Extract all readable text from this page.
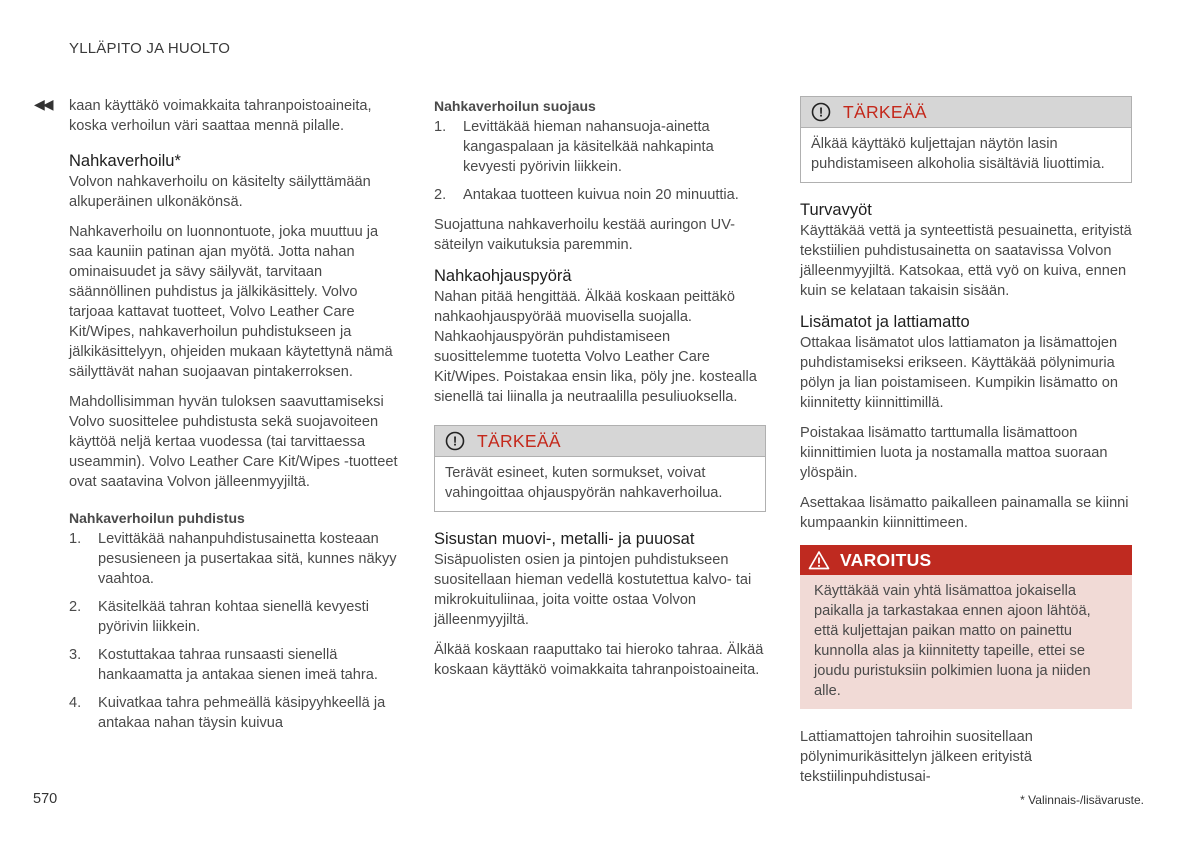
YLLÄPITO JA HUOLTO
◀◀ kaan käyttäkö voimakkaita tahranpoistoaineita, koska verhoilun väri saattaa mennä pilalle.

Nahkaverhoilu*

Volvon nahkaverhoilu on käsitelty säilyttämään alkuperäinen ulkonäkönsä.

Nahkaverhoilu on luonnontuote, joka muuttuu ja saa kauniin patinan ajan myötä. Jotta nahan ominaisuudet ja sävy säilyvät, tarvitaan säännöllinen puhdistus ja jälkikäsittely. Volvo tarjoaa kattavat tuotteet, Volvo Leather Care Kit/Wipes, nahkaverhoilun puhdistukseen ja jälkikäsittelyyn, ohjeiden mukaan käytettynä nämä säilyttävät nahan suojaavan pintakerroksen.

Mahdollisimman hyvän tuloksen saavuttamiseksi Volvo suosittelee puhdistusta sekä suojavoiteen käyttöä neljä kertaa vuodessa (tai tarvittaessa useammin). Volvo Leather Care Kit/Wipes -tuotteet ovat saatavina Volvon jälleenmyyjiltä.

Nahkaverhoilun puhdistus
1. Levittäkää nahanpuhdistusainetta kosteaan pesusieneen ja pusertakaa sitä, kunnes näkyy vaahtoa.
2. Käsitelkää tahran kohtaa sienellä kevyesti pyörivin liikkein.
3. Kostuttakaa tahraa runsaasti sienellä hankaamatta ja antakaa sienen imeä tahra.
4. Kuivatkaa tahra pehmeällä käsipyyhkeellä ja antakaa nahan täysin kuivua
Nahkaverhoilun suojaus
1. Levittäkää hieman nahansuoja-ainetta kangaspalaan ja käsitelkää nahkapinta kevyesti pyörivin liikkein.
2. Antakaa tuotteen kuivua noin 20 minuuttia.

Suojattuna nahkaverhoilu kestää auringon UV-säteilyn vaikutuksia paremmin.

Nahkaohjauspyörä

Nahan pitää hengittää. Älkää koskaan peittäkö nahkaohjauspyörää muovisella suojalla. Nahkaohjauspyörän puhdistamiseen suosittelemme tuotetta Volvo Leather Care Kit/Wipes. Poistakaa ensin lika, pöly jne. kostealla sienellä tai liinalla ja neutraalilla pesuliuoksella.

! TÄRKEÄÄ
Terävät esineet, kuten sormukset, voivat vahingoittaa ohjauspyörän nahkaverhoilua.
Sisustan muovi-, metalli- ja puuosat

Sisäpuolisten osien ja pintojen puhdistukseen suositellaan hieman vedellä kostutettua kalvo- tai mikrokuituliinaa, joita voitte ostaa Volvon jälleenmyyjiltä.

Älkää koskaan raaputtako tai hieroko tahraa. Älkää koskaan käyttäkö voimakkaita tahranpoistoaineita.

! TÄRKEÄÄ
Älkää käyttäkö kuljettajan näytön lasin puhdistamiseen alkoholia sisältäviä liuottimia.
Turvavyöt

Käyttäkää vettä ja synteettistä pesuainetta, erityistä tekstiilien puhdistusainetta on saatavissa Volvon jälleenmyyjiltä. Katsokaa, että vyö on kuiva, ennen kuin se kelataan takaisin sisään.

Lisämatot ja lattiamatto

Ottakaa lisämatot ulos lattiamaton ja lisämattojen puhdistamiseksi erikseen. Käyttäkää pölynimuria pölyn ja lian poistamiseen. Kumpikin lisämatto on kiinnitetty kiinnittimillä.

Poistakaa lisämatto tarttumalla lisämattoon kiinnittimien luota ja nostamalla mattoa suoraan ylöspäin.

Asettakaa lisämatto paikalleen painamalla se kiinni kumpaankin kiinnittimeen.

VAROITUS
Käyttäkää vain yhtä lisämattoa jokaisella paikalla ja tarkastakaa ennen ajoon lähtöä, että kuljettajan paikan matto on painettu kunnolla alas ja kiinnitetty tapeille, ettei se joudu puristuksiin polkimien luona ja niiden alle.

Lattiamattojen tahroihin suositellaan pölynimurikäsittelyn jälkeen erityistä tekstiilinpuhdistusai-

570	* Valinnais-/lisävaruste.
